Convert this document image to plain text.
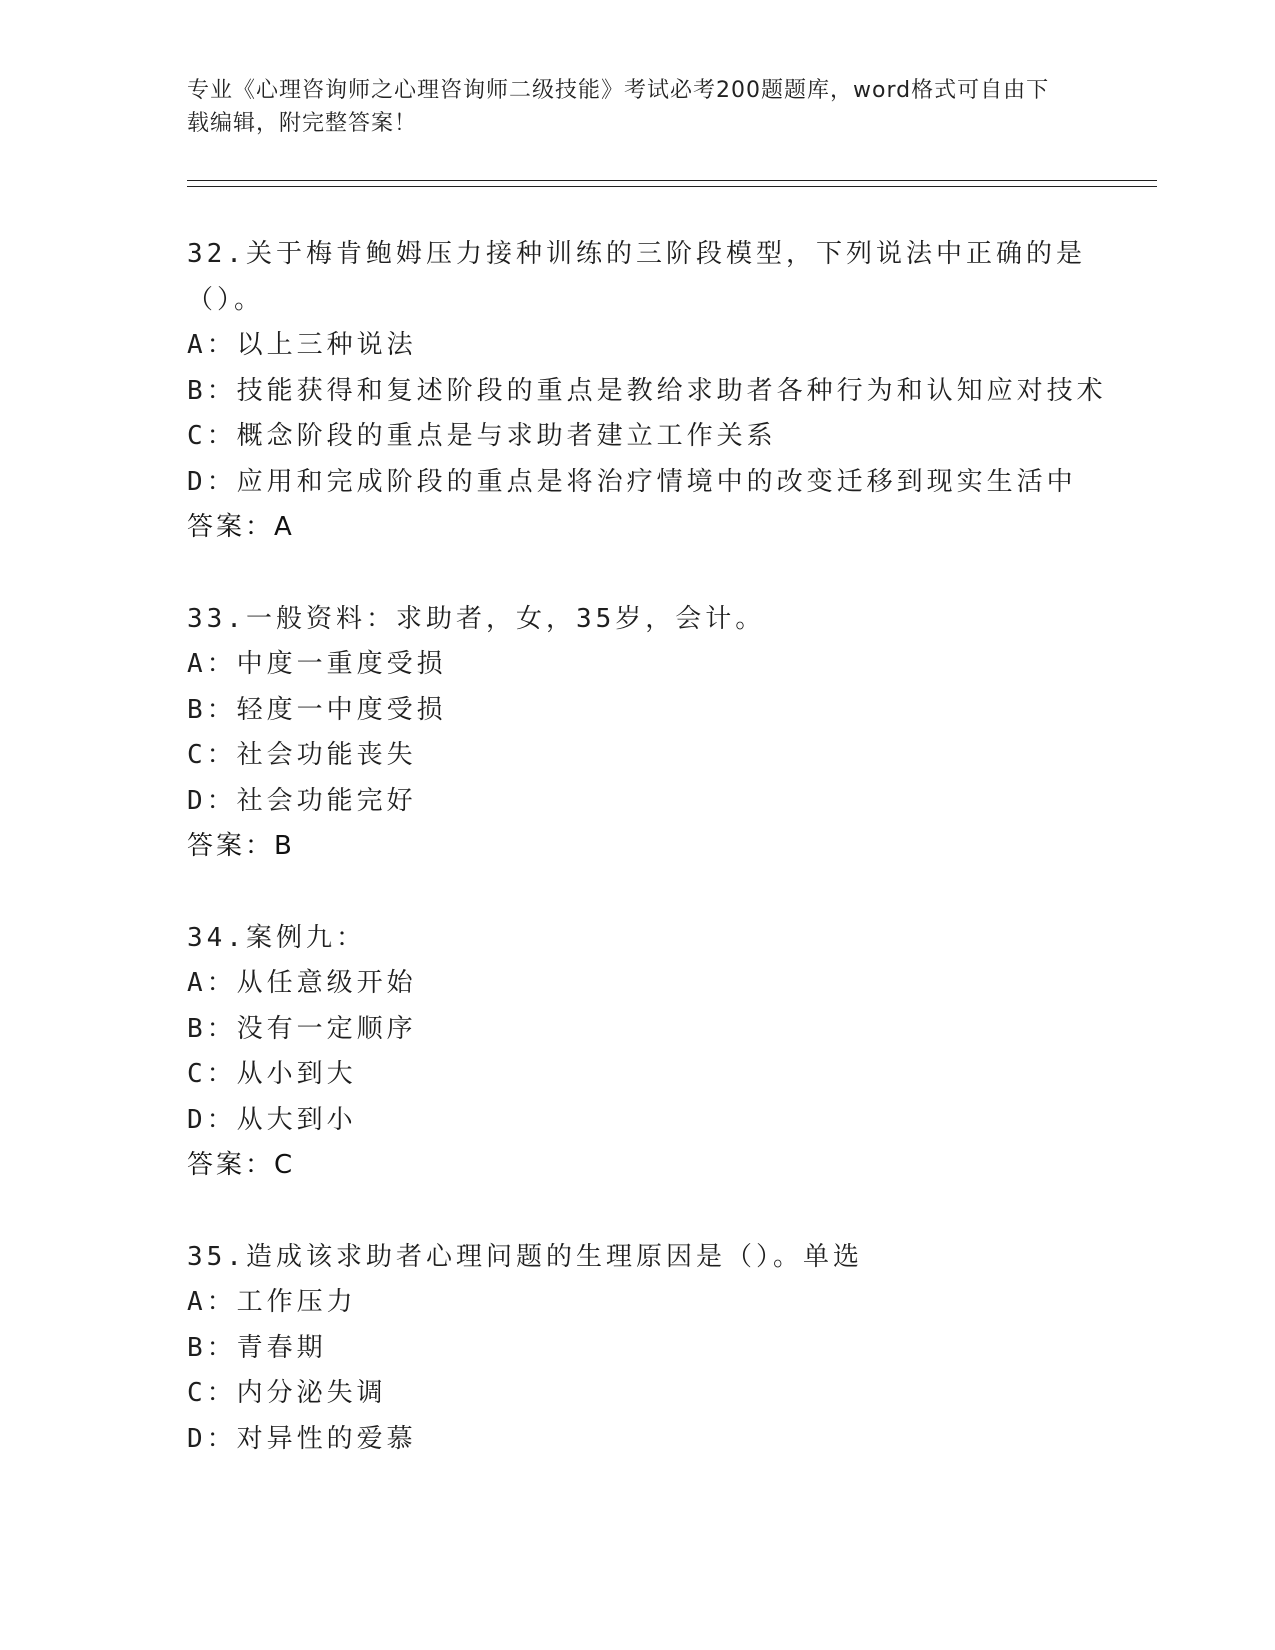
专业《心理咨询师之心理咨询师二级技能》考试必考200题题库，word格式可自由下载编辑，附完整答案！
32.关于梅肯鲍姆压力接种训练的三阶段模型，下列说法中正确的是（）。
A：以上三种说法
B：技能获得和复述阶段的重点是教给求助者各种行为和认知应对技术
C：概念阶段的重点是与求助者建立工作关系
D：应用和完成阶段的重点是将治疗情境中的改变迁移到现实生活中
答案：A
33.一般资料：求助者，女，35岁，会计。
A：中度一重度受损
B：轻度一中度受损
C：社会功能丧失
D：社会功能完好
答案：B
34.案例九：
A：从任意级开始
B：没有一定顺序
C：从小到大
D：从大到小
答案：C
35.造成该求助者心理问题的生理原因是（）。单选
A：工作压力
B：青春期
C：内分泌失调
D：对异性的爱慕
